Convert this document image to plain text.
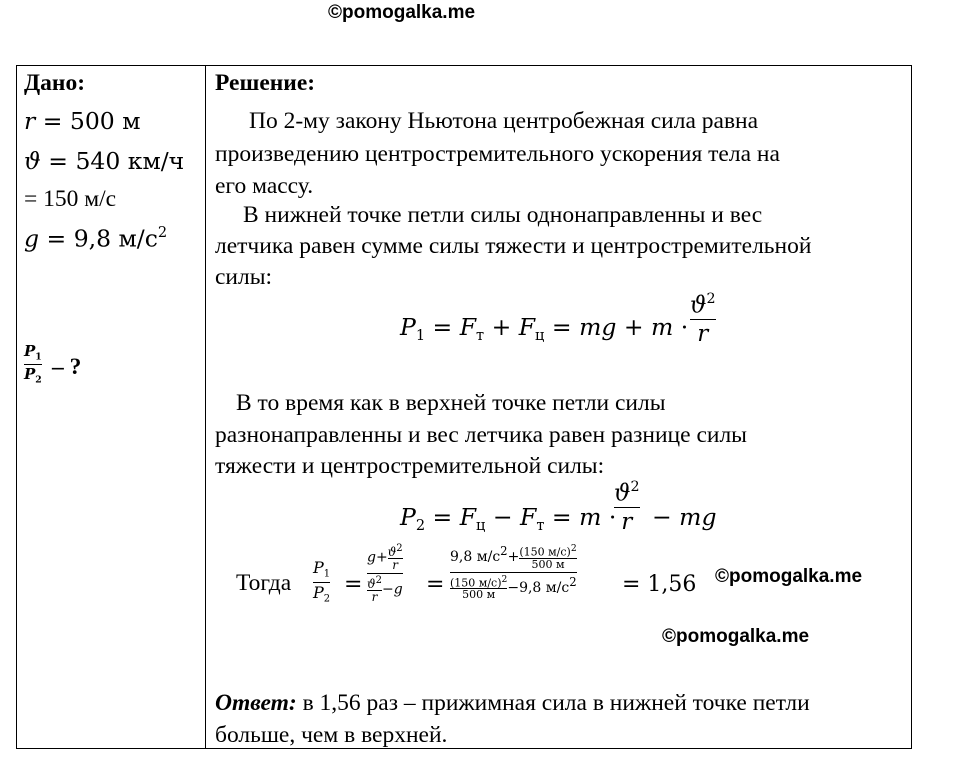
©pomogalka.me
©pomogalka.me
©pomogalka.me
Дано:
r = 500 м
ϑ = 540 км/ч
= 150 м/с
g = 9,8 $м/с^2$
$P_1$
$P_2$ – ?
Решение:
По 2-му закону Ньютона центробежная сила равна
произведению центростремительного ускорения тела на
его массу.
В нижней точке петли силы однонаправленны и вес
летчика равен сумме силы тяжести и центростремительной
силы:
$P_1 = F_т + F_ц$ = mg + m ·
$ϑ^2$
r
В то время как в верхней точке петли силы
разнонаправленны и вес летчика равен разнице силы
тяжести и центростремительной силы:
$P_2 = F_ц - F_т = m$ ·
$ϑ^2$
r − mg
Тогда
$P_1$
$P_2$
=
$g+ \frac{ϑ^2}{r}$
$\frac{ϑ^2}{r} -g$ =
9,8 $м/с^2+ (150$ м/с)$^2$
500 м
(150 м/с)$^2$
500 м −9,8 $м/с^2 = 1,56$
Ответ: в 1,56 раз – прижимная сила в нижней точке петли
больше, чем в верхней.
